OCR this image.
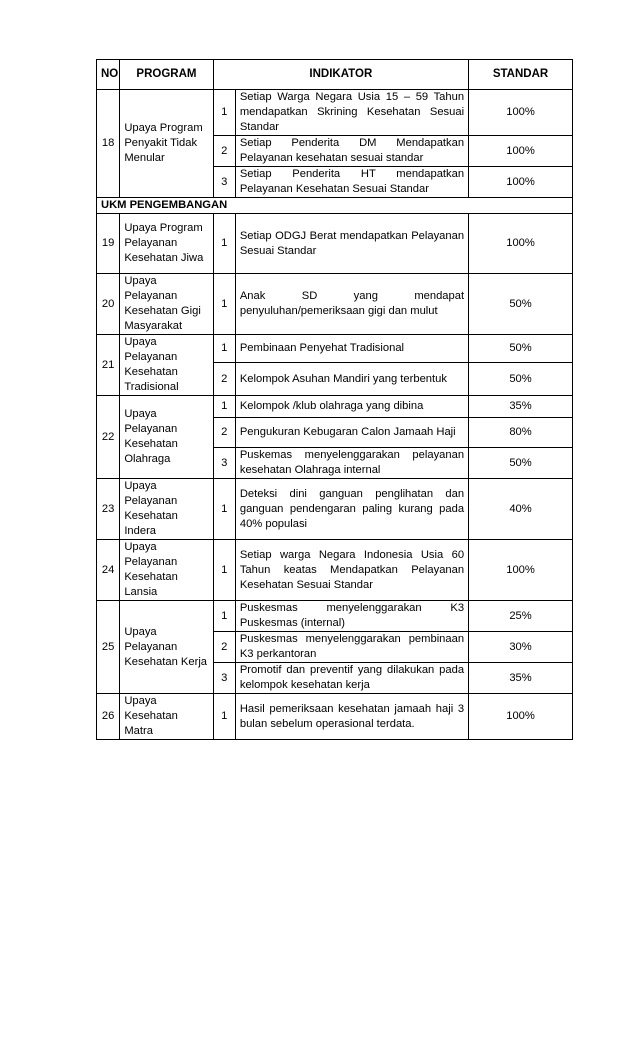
NO	PROGRAM	INDIKATOR		STANDAR
18	Upaya Program Penyakit Tidak Menular	1	Setiap Warga Negara Usia 15 – 59 Tahun mendapatkan Skrining Kesehatan Sesuai Standar	100%
		2	Setiap Penderita DM Mendapatkan Pelayanan kesehatan sesuai standar	100%
		3	Setiap Penderita HT mendapatkan Pelayanan Kesehatan Sesuai Standar	100%
UKM PENGEMBANGAN				
19	Upaya Program Pelayanan Kesehatan Jiwa	1	Setiap ODGJ Berat mendapatkan Pelayanan Sesuai Standar	100%
20	Upaya Pelayanan Kesehatan Gigi Masyarakat	1	Anak SD yang mendapat penyuluhan/pemeriksaan gigi dan mulut	50%
21	Upaya Pelayanan Kesehatan Tradisional	1	Pembinaan Penyehat Tradisional	50%
		2	Kelompok Asuhan Mandiri yang terbentuk	50%
22	Upaya Pelayanan Kesehatan Olahraga	1	Kelompok /klub olahraga yang dibina	35%
		2	Pengukuran Kebugaran Calon Jamaah Haji	80%
		3	Puskemas menyelenggarakan pelayanan kesehatan Olahraga internal	50%
23	Upaya Pelayanan Kesehatan Indera	1	Deteksi dini ganguan penglihatan dan ganguan pendengaran paling kurang pada 40% populasi	40%
24	Upaya Pelayanan Kesehatan Lansia	1	Setiap warga Negara Indonesia Usia 60 Tahun keatas Mendapatkan Pelayanan Kesehatan Sesuai Standar	100%
25	Upaya Pelayanan Kesehatan Kerja	1	Puskesmas menyelenggarakan K3 Puskesmas (internal)	25%
		2	Puskesmas menyelenggarakan pembinaan K3 perkantoran	30%
		3	Promotif dan preventif yang dilakukan pada kelompok kesehatan kerja	35%
26	Upaya Kesehatan Matra	1	Hasil pemeriksaan kesehatan jamaah haji 3 bulan sebelum operasional terdata.	100%
